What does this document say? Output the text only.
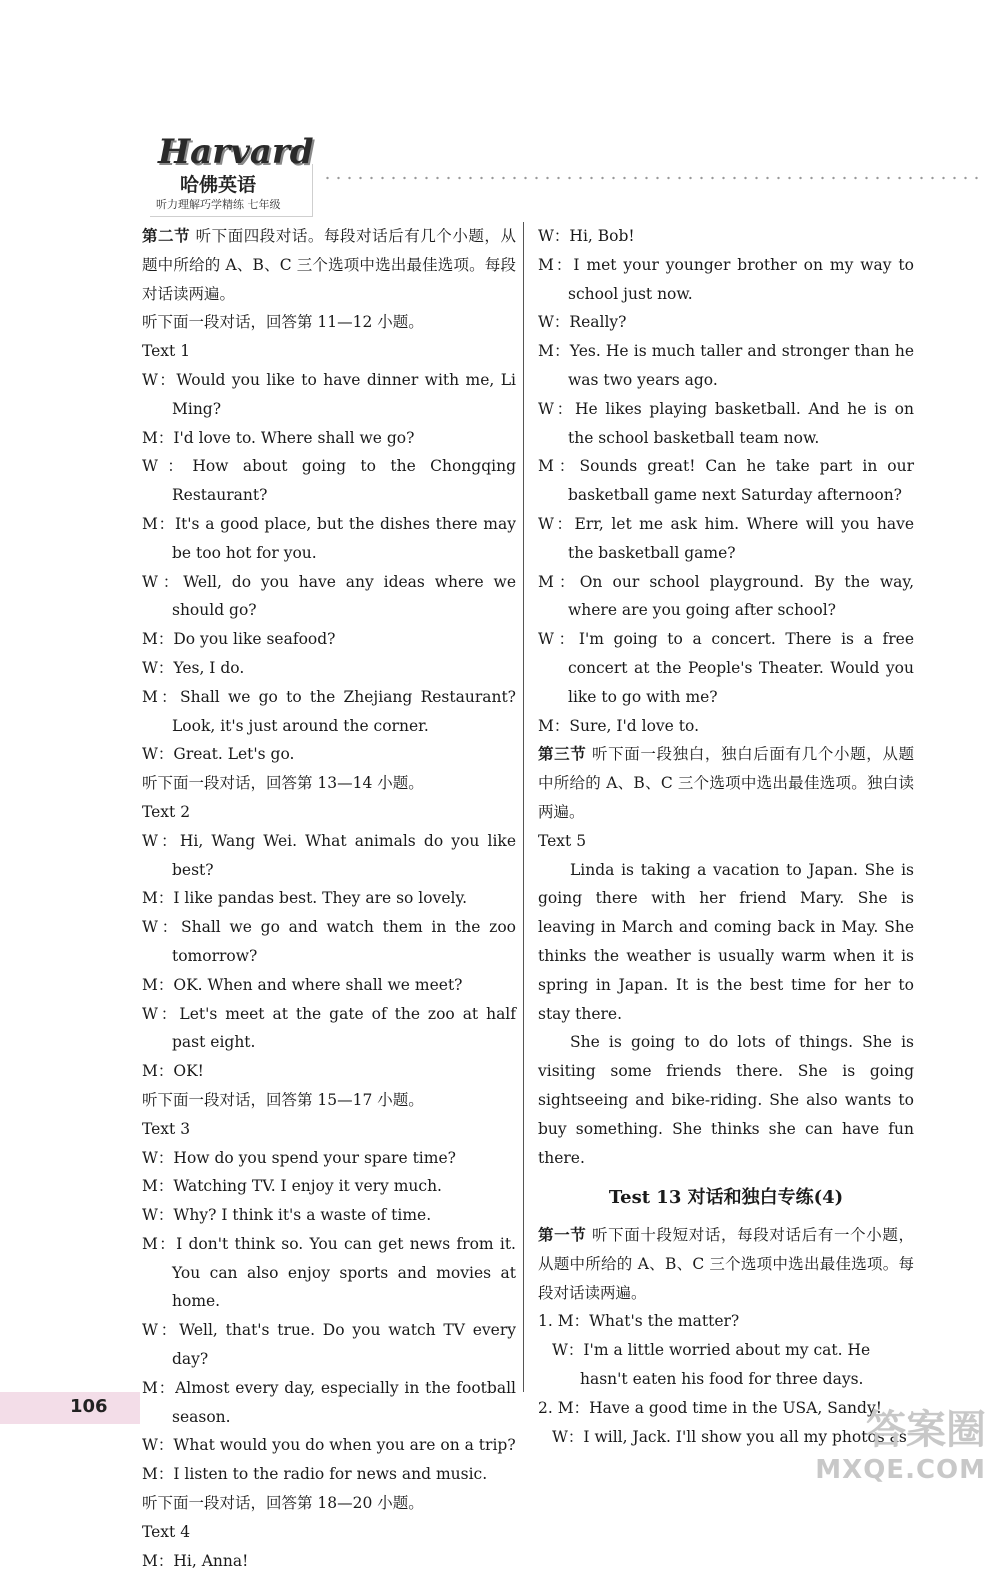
Harvard
哈佛英语
听力理解巧学精练 七年级

第二节 听下面四段对话。每段对话后有几个小题，从题中所给的 A、B、C 三个选项中选出最佳选项。每段对话读两遍。

听下面一段对话，回答第 11—12 小题。

Text 1

W：Would you like to have dinner with me, Li Ming?

M：I'd love to. Where shall we go?

W：How about going to the Chongqing Restaurant?

M：It's a good place, but the dishes there may be too hot for you.

W：Well, do you have any ideas where we should go?

M：Do you like seafood?

W：Yes, I do.

M：Shall we go to the Zhejiang Restaurant? Look, it's just around the corner.

W：Great. Let's go.

听下面一段对话，回答第 13—14 小题。

Text 2

W：Hi, Wang Wei. What animals do you like best?

M：I like pandas best. They are so lovely.

W：Shall we go and watch them in the zoo tomorrow?

M：OK. When and where shall we meet?

W：Let's meet at the gate of the zoo at half past eight.

M：OK!

听下面一段对话，回答第 15—17 小题。

Text 3

W：How do you spend your spare time?

M：Watching TV. I enjoy it very much.

W：Why? I think it's a waste of time.

M：I don't think so. You can get news from it. You can also enjoy sports and movies at home.

W：Well, that's true. Do you watch TV every day?

M：Almost every day, especially in the football season.

W：What would you do when you are on a trip?

M：I listen to the radio for news and music.

听下面一段对话，回答第 18—20 小题。

Text 4

M：Hi, Anna!

W：Hi, Bob!

M：I met your younger brother on my way to school just now.

W：Really?

M：Yes. He is much taller and stronger than he was two years ago.

W：He likes playing basketball. And he is on the school basketball team now.

M：Sounds great! Can he take part in our basketball game next Saturday afternoon?

W：Err, let me ask him. Where will you have the basketball game?

M：On our school playground. By the way, where are you going after school?

W：I'm going to a concert. There is a free concert at the People's Theater. Would you like to go with me?

M：Sure, I'd love to.

第三节 听下面一段独白，独白后面有几个小题，从题中所给的 A、B、C 三个选项中选出最佳选项。独白读两遍。

Text 5

Linda is taking a vacation to Japan. She is going there with her friend Mary. She is leaving in March and coming back in May. She thinks the weather is usually warm when it is spring in Japan. It is the best time for her to stay there.

She is going to do lots of things. She is visiting some friends there. She is going sightseeing and bike-riding. She also wants to buy something. She thinks she can have fun there.

Test 13 对话和独白专练(4)

第一节 听下面十段短对话，每段对话后有一个小题，从题中所给的 A、B、C 三个选项中选出最佳选项。每段对话读两遍。

1. M：What's the matter?

W：I'm a little worried about my cat. He hasn't eaten his food for three days.

2. M：Have a good time in the USA, Sandy!

W：I will, Jack. I'll show you all my photos as

106
答案圈
MXQE.COM
